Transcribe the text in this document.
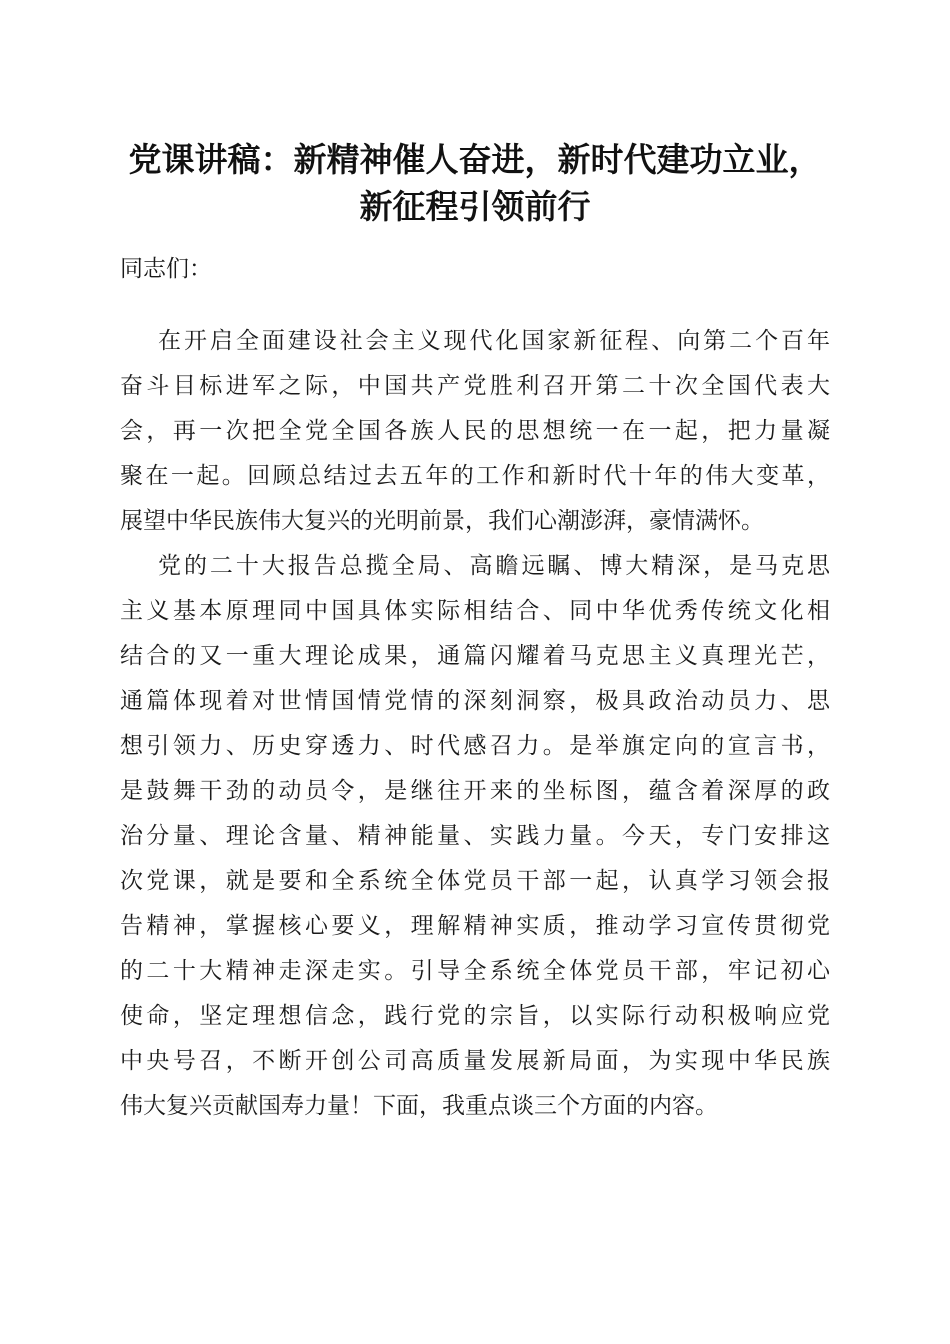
党课讲稿：新精神催人奋进，新时代建功立业，
新征程引领前行
同志们：
在开启全面建设社会主义现代化国家新征程、向第二个百年
奋斗目标进军之际，中国共产党胜利召开第二十次全国代表大
会，再一次把全党全国各族人民的思想统一在一起，把力量凝
聚在一起。回顾总结过去五年的工作和新时代十年的伟大变革，
展望中华民族伟大复兴的光明前景，我们心潮澎湃，豪情满怀。
党的二十大报告总揽全局、高瞻远瞩、博大精深，是马克思
主义基本原理同中国具体实际相结合、同中华优秀传统文化相
结合的又一重大理论成果，通篇闪耀着马克思主义真理光芒，
通篇体现着对世情国情党情的深刻洞察，极具政治动员力、思
想引领力、历史穿透力、时代感召力。是举旗定向的宣言书，
是鼓舞干劲的动员令，是继往开来的坐标图，蕴含着深厚的政
治分量、理论含量、精神能量、实践力量。今天，专门安排这
次党课，就是要和全系统全体党员干部一起，认真学习领会报
告精神，掌握核心要义，理解精神实质，推动学习宣传贯彻党
的二十大精神走深走实。引导全系统全体党员干部，牢记初心
使命，坚定理想信念，践行党的宗旨，以实际行动积极响应党
中央号召，不断开创公司高质量发展新局面，为实现中华民族
伟大复兴贡献国寿力量！下面，我重点谈三个方面的内容。
